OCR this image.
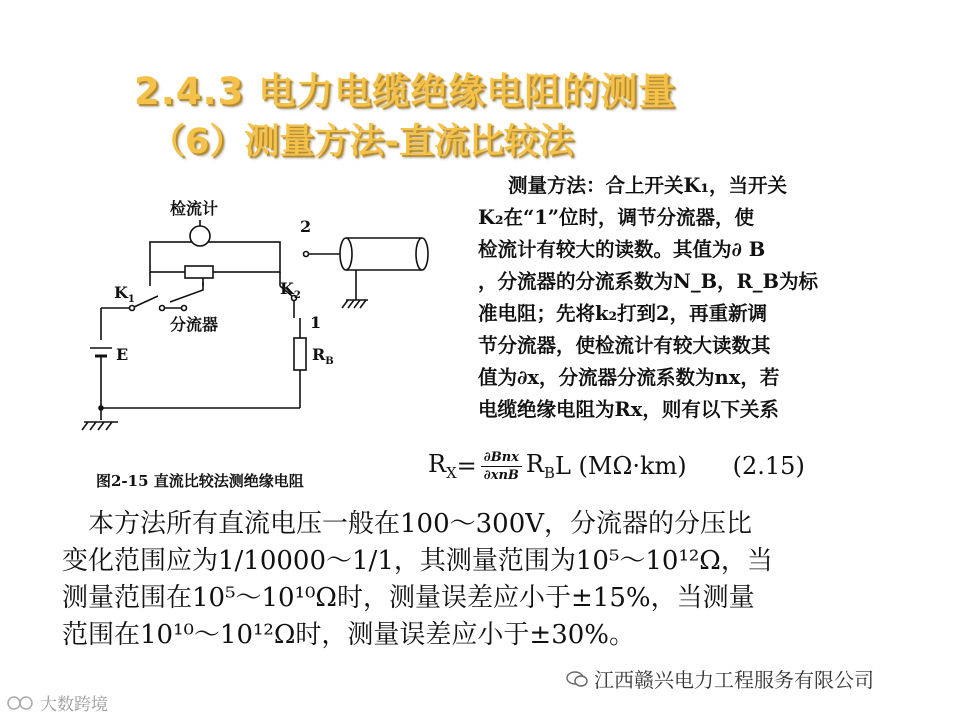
2.4.3 电力电缆绝缘电阻的测量
（6）测量方法-直流比较法

测量方法：合上开关K₁，当开关

K₂在“1”位时，调节分流器，使

检流计有较大的读数。其值为∂ B

，分流器的分流系数为N_B，R_B为标

准电阻；先将k₂打到2，再重新调

节分流器，使检流计有较大读数其

值为∂x，分流器分流系数为nx，若

电缆绝缘电阻为Rx，则有以下关系

检流计
分流器
$K_1$
$K_2$
E	$R_B$
1
2
图2-15 直流比较法测绝缘电阻
$R_X = \frac{\text{∂Bnx}}{\text{∂xnB}} R_B$ L (MΩ·km) (2.15)

 本方法所有直流电压一般在100～300V，分流器的分压比

变化范围应为1/10000～1/1，其测量范围为10⁵～10¹²Ω，当

测量范围在10⁵～10¹⁰Ω时，测量误差应小于±15%，当测量

范围在10¹⁰～10¹²Ω时，测量误差应小于±30%。

江西赣兴电力工程服务有限公司
大数跨境
